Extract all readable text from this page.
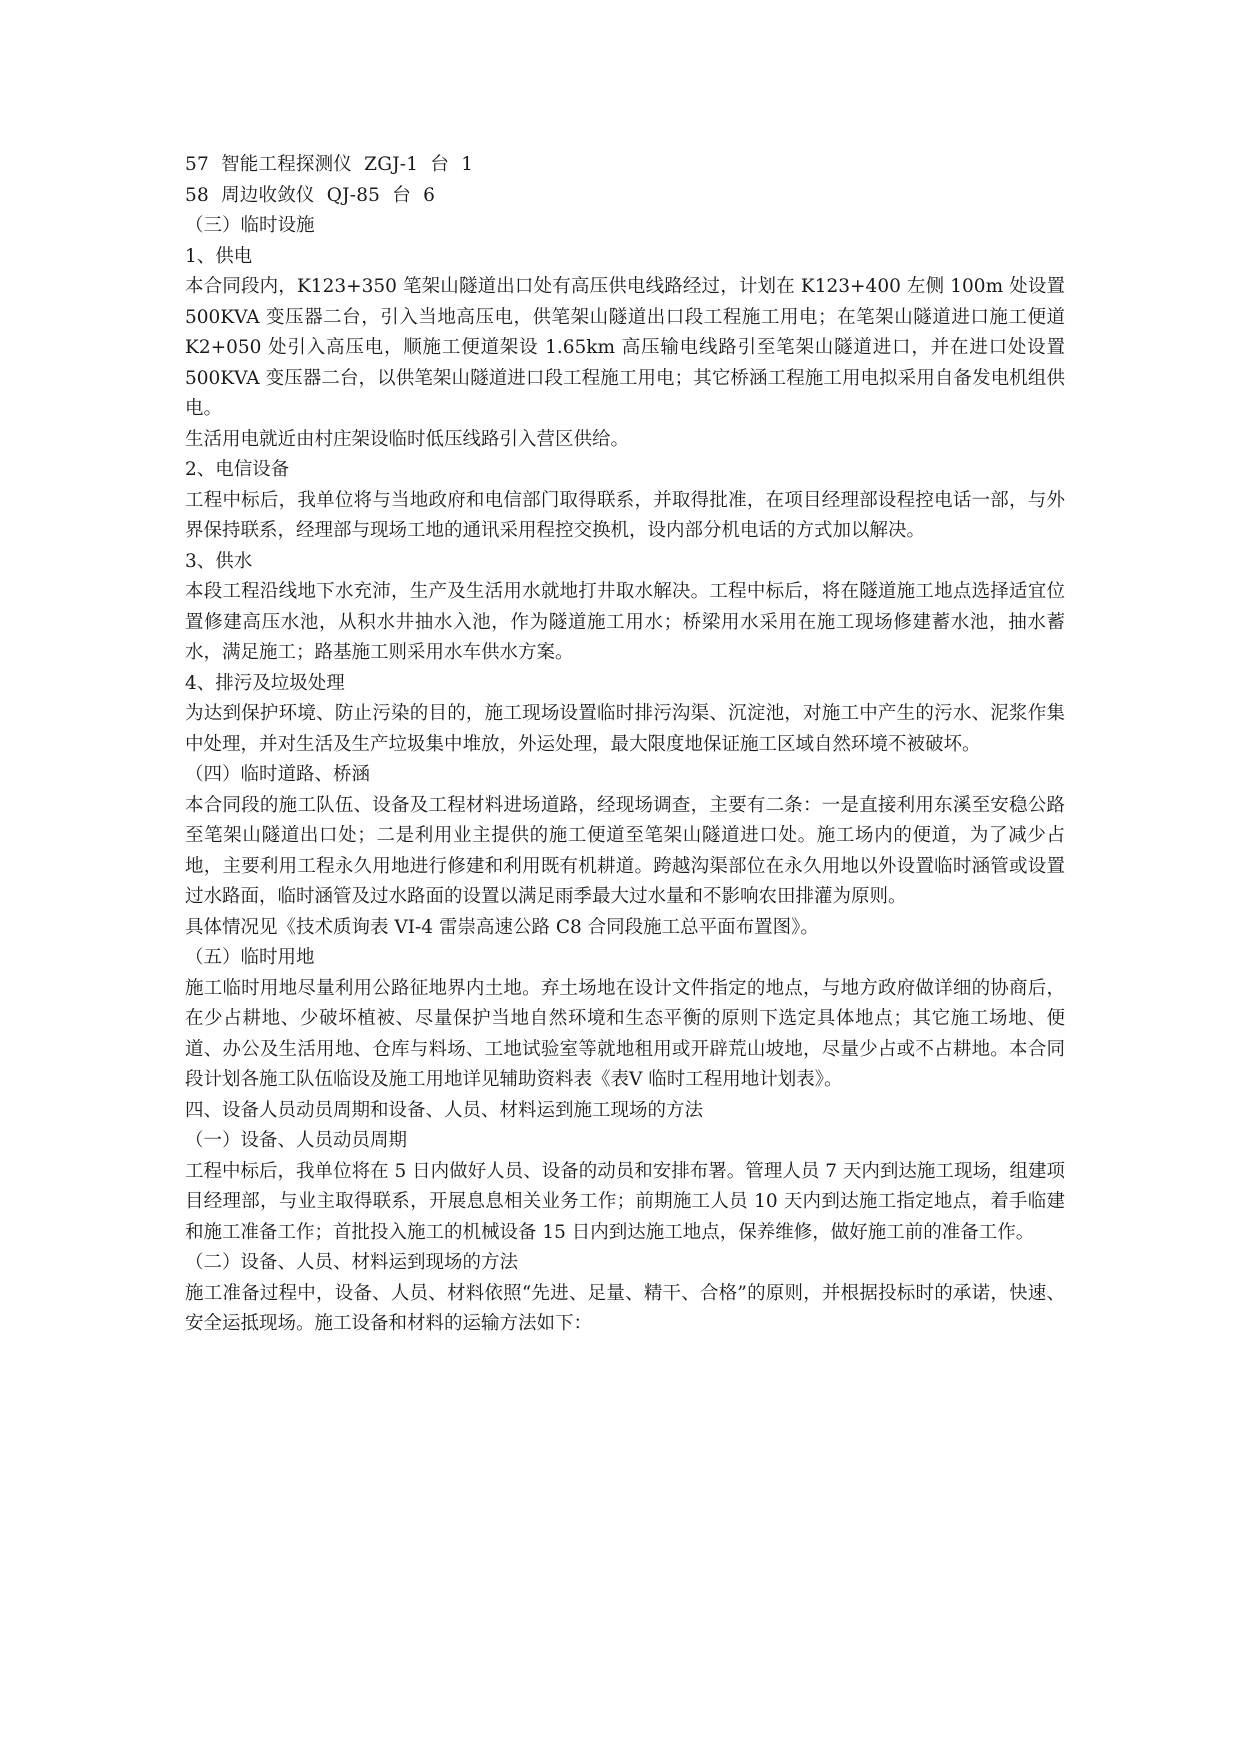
57  智能工程探测仪  ZGJ-1  台  1
58  周边收敛仪  QJ-85  台  6
（三）临时设施
1、供电

本合同段内，K123+350 笔架山隧道出口处有高压供电线路经过，计划在 K123+400 左侧 100m 处设置 500KVA 变压器二台，引入当地高压电，供笔架山隧道出口段工程施工用电；在笔架山隧道进口施工便道 K2+050 处引入高压电，顺施工便道架设 1.65km 高压输电线路引至笔架山隧道进口，并在进口处设置 500KVA 变压器二台，以供笔架山隧道进口段工程施工用电；其它桥涵工程施工用电拟采用自备发电机组供电。

生活用电就近由村庄架设临时低压线路引入营区供给。

2、电信设备

工程中标后，我单位将与当地政府和电信部门取得联系，并取得批准，在项目经理部设程控电话一部，与外界保持联系，经理部与现场工地的通讯采用程控交换机，设内部分机电话的方式加以解决。

3、供水

本段工程沿线地下水充沛，生产及生活用水就地打井取水解决。工程中标后，将在隧道施工地点选择适宜位置修建高压水池，从积水井抽水入池，作为隧道施工用水；桥梁用水采用在施工现场修建蓄水池，抽水蓄水，满足施工；路基施工则采用水车供水方案。

4、排污及垃圾处理

为达到保护环境、防止污染的目的，施工现场设置临时排污沟渠、沉淀池，对施工中产生的污水、泥浆作集中处理，并对生活及生产垃圾集中堆放，外运处理，最大限度地保证施工区域自然环境不被破坏。

（四）临时道路、桥涵

本合同段的施工队伍、设备及工程材料进场道路，经现场调查，主要有二条：一是直接利用东溪至安稳公路至笔架山隧道出口处；二是利用业主提供的施工便道至笔架山隧道进口处。施工场内的便道，为了减少占地，主要利用工程永久用地进行修建和利用既有机耕道。跨越沟渠部位在永久用地以外设置临时涵管或设置过水路面，临时涵管及过水路面的设置以满足雨季最大过水量和不影响农田排灌为原则。

具体情况见《技术质询表 VI-4 雷崇高速公路 C8 合同段施工总平面布置图》。

（五）临时用地

施工临时用地尽量利用公路征地界内土地。弃土场地在设计文件指定的地点，与地方政府做详细的协商后，在少占耕地、少破坏植被、尽量保护当地自然环境和生态平衡的原则下选定具体地点；其它施工场地、便道、办公及生活用地、仓库与料场、工地试验室等就地租用或开辟荒山坡地，尽量少占或不占耕地。本合同段计划各施工队伍临设及施工用地详见辅助资料表《表Ⅴ 临时工程用地计划表》。

四、设备人员动员周期和设备、人员、材料运到施工现场的方法
（一）设备、人员动员周期

工程中标后，我单位将在 5 日内做好人员、设备的动员和安排布署。管理人员 7 天内到达施工现场，组建项目经理部，与业主取得联系，开展息息相关业务工作；前期施工人员 10 天内到达施工指定地点，着手临建和施工准备工作；首批投入施工的机械设备 15 日内到达施工地点，保养维修，做好施工前的准备工作。

（二）设备、人员、材料运到现场的方法

施工准备过程中，设备、人员、材料依照“先进、足量、精干、合格”的原则，并根据投标时的承诺，快速、安全运抵现场。施工设备和材料的运输方法如下：
